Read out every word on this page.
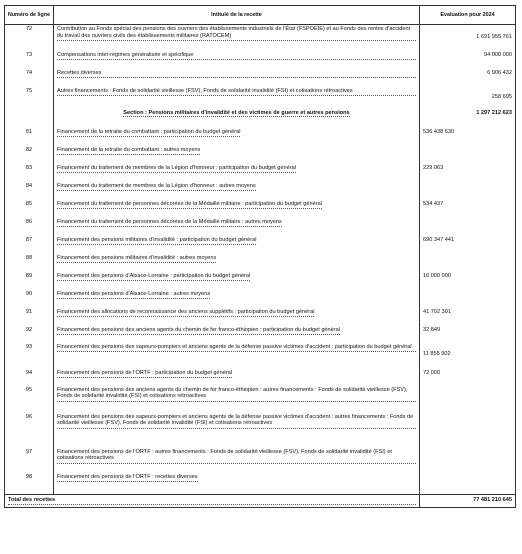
Numéro de ligne	Intitulé de la recette	Evaluation pour 2024
72	Contribution au Fonds spécial des pensions des ouvriers des établissements industriels de l'État (FSPOEIE) et au Fonds des rentes d'accident du travail des ouvriers civils des établissements militaires (RATOCEM)	1 691 955 761
73	Compensations inter-régimes généralisée et spécifique	94 000 000
74	Recettes diverses	6 906 432
75	Autres financements : Fonds de solidarité vieillesse (FSV), Fonds de solidarité invalidité (FSI) et cotisations rétroactives	258 695
	Section : Pensions militaires d'invalidité et des victimes de guerre et autres pensions	1 297 212 623
81	Financement de la retraite du combattant : participation du budget général	536 438 630
82	Financement de la retraite du combattant : autres moyens	
83	Financement du traitement de membres de la Légion d'honneur : participation du budget général	229 063
84	Financement du traitement de membres de la Légion d'honneur : autres moyens	
85	Financement du traitement de personnes décorées de la Médaille militaire : participation du budget général	534 437
86	Financement du traitement de personnes décorées de la Médaille militaire : autres moyens	
87	Financement des pensions militaires d'invalidité : participation du budget général	690 347 441
88	Financement des pensions militaires d'invalidité : autres moyens	
89	Financement des pensions d'Alsace-Lorraine : participation du budget général	16 000 000
90	Financement des pensions d'Alsace-Lorraine : autres moyens	
91	Financement des allocations de reconnaissance des anciens supplétifs : participation du budget général	41 702 301
92	Financement des pensions des anciens agents du chemin de fer franco-éthiopien : participation du budget général	32 849
93	Financement des pensions des sapeurs-pompiers et anciens agents de la défense passive victimes d'accident : participation du budget général	11 855 902
94	Financement des pensions de l'ORTF : participation du budget général	72 000
95	Financement des pensions des anciens agents du chemin de fer franco-éthiopien : autres financements : Fonds de solidarité vieillesse (FSV), Fonds de solidarité invalidité (FSI) et cotisations rétroactives	

96	Financement des pensions des sapeurs-pompiers et anciens agents de la défense passive victimes d'accident : autres financements : Fonds de solidarité vieillesse (FSV), Fonds de solidarité invalidité (FSI) et cotisations rétroactives	

97	Financement des pensions de l'ORTF : autres financements : Fonds de solidarité vieillesse (FSV), Fonds de solidarité invalidité (FSI) et cotisations rétroactives	

98	Financement des pensions de l'ORTF : recettes diverses	

Total des recettes		77 481 210 645
